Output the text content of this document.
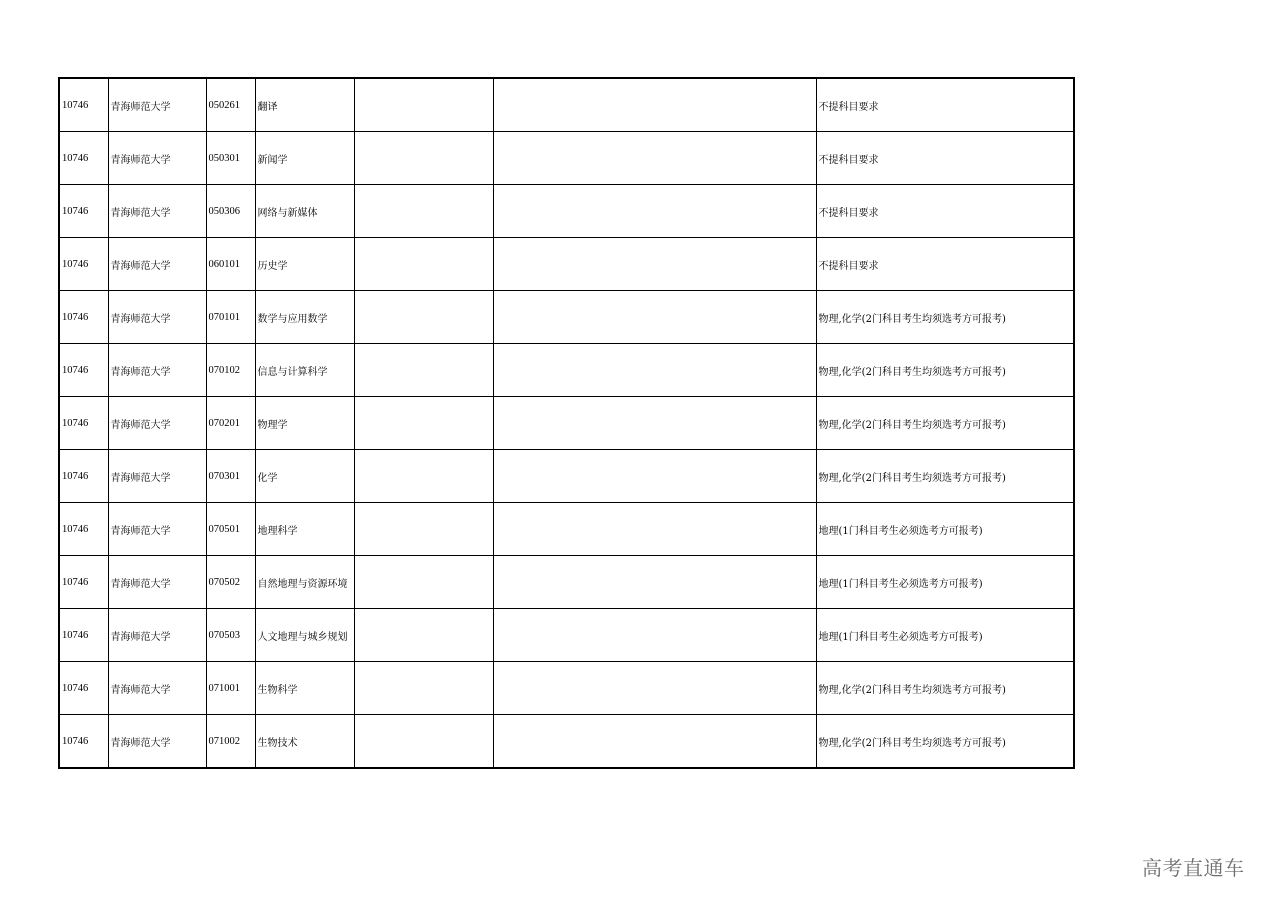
10746	青海师范大学	050261	翻译			不提科目要求
10746	青海师范大学	050301	新闻学			不提科目要求
10746	青海师范大学	050306	网络与新媒体			不提科目要求
10746	青海师范大学	060101	历史学			不提科目要求
10746	青海师范大学	070101	数学与应用数学			物理,化学(2门科目考生均须选考方可报考)
10746	青海师范大学	070102	信息与计算科学			物理,化学(2门科目考生均须选考方可报考)
10746	青海师范大学	070201	物理学			物理,化学(2门科目考生均须选考方可报考)
10746	青海师范大学	070301	化学			物理,化学(2门科目考生均须选考方可报考)
10746	青海师范大学	070501	地理科学			地理(1门科目考生必须选考方可报考)
10746	青海师范大学	070502	自然地理与资源环境			地理(1门科目考生必须选考方可报考)
10746	青海师范大学	070503	人文地理与城乡规划			地理(1门科目考生必须选考方可报考)
10746	青海师范大学	071001	生物科学			物理,化学(2门科目考生均须选考方可报考)
10746	青海师范大学	071002	生物技术			物理,化学(2门科目考生均须选考方可报考)
高考直通车
